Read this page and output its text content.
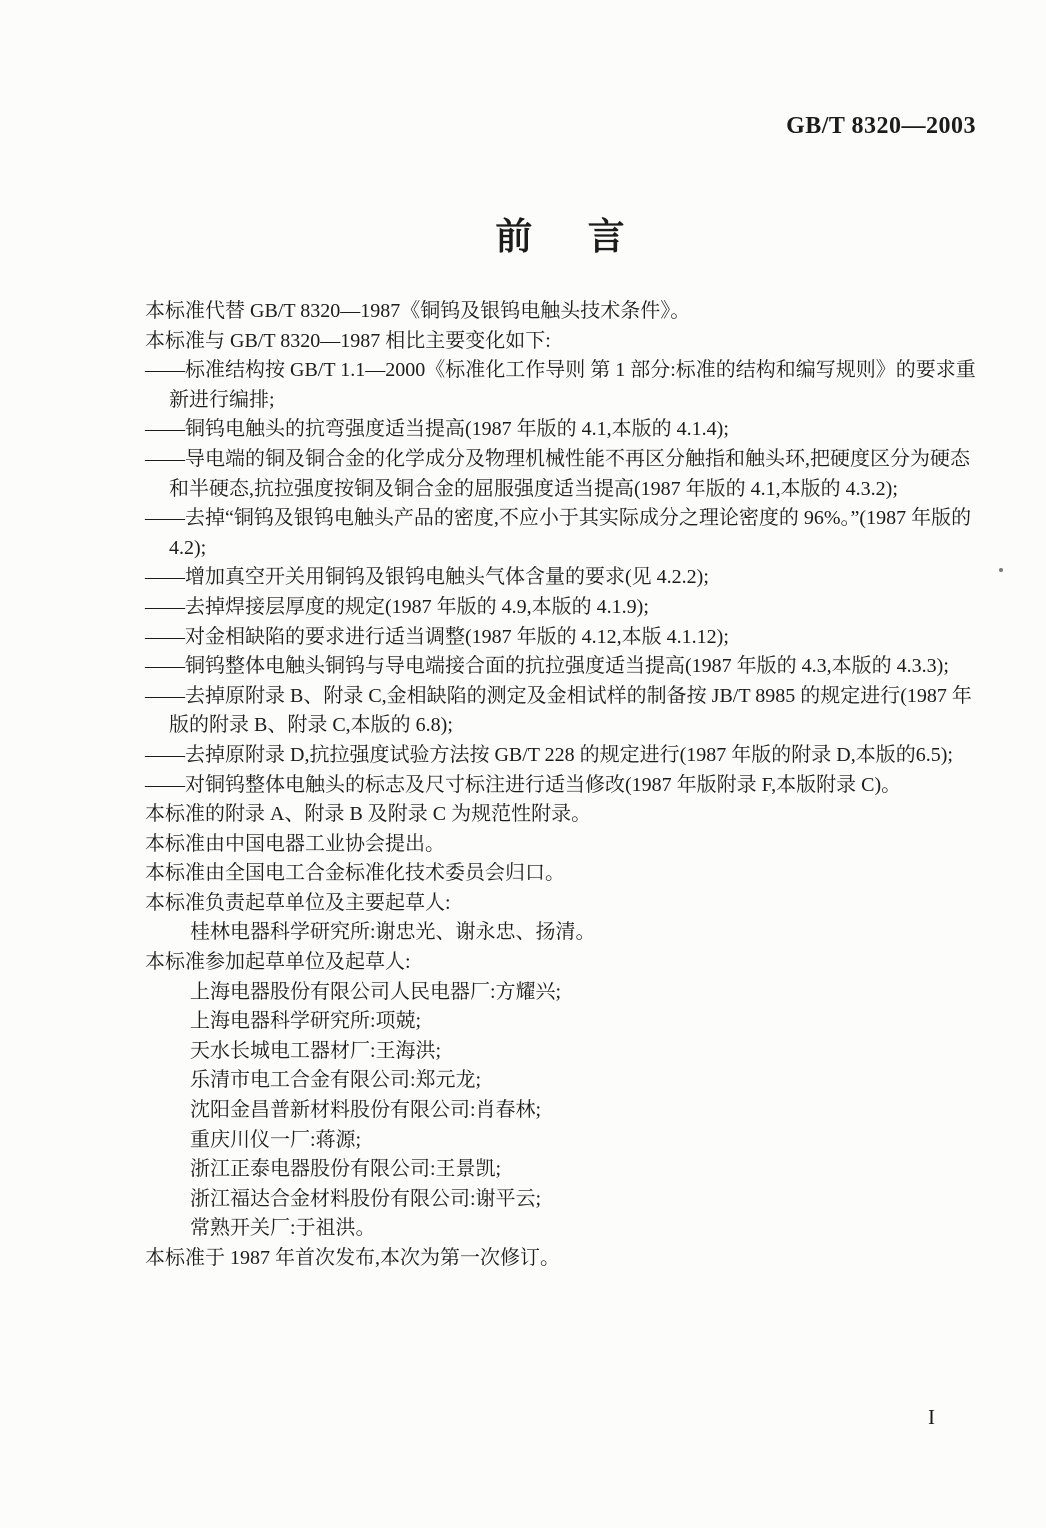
GB/T 8320—2003
前 言
本标准代替 GB/T 8320—1987《铜钨及银钨电触头技术条件》。
本标准与 GB/T 8320—1987 相比主要变化如下:
——标准结构按 GB/T 1.1—2000《标准化工作导则 第 1 部分:标准的结构和编写规则》的要求重
新进行编排;
——铜钨电触头的抗弯强度适当提高(1987 年版的 4.1,本版的 4.1.4);
——导电端的铜及铜合金的化学成分及物理机械性能不再区分触指和触头环,把硬度区分为硬态
和半硬态,抗拉强度按铜及铜合金的屈服强度适当提高(1987 年版的 4.1,本版的 4.3.2);
——去掉“铜钨及银钨电触头产品的密度,不应小于其实际成分之理论密度的 96%。”(1987 年版的
4.2);
——增加真空开关用铜钨及银钨电触头气体含量的要求(见 4.2.2);
——去掉焊接层厚度的规定(1987 年版的 4.9,本版的 4.1.9);
——对金相缺陷的要求进行适当调整(1987 年版的 4.12,本版 4.1.12);
——铜钨整体电触头铜钨与导电端接合面的抗拉强度适当提高(1987 年版的 4.3,本版的 4.3.3);
——去掉原附录 B、附录 C,金相缺陷的测定及金相试样的制备按 JB/T 8985 的规定进行(1987 年
版的附录 B、附录 C,本版的 6.8);
——去掉原附录 D,抗拉强度试验方法按 GB/T 228 的规定进行(1987 年版的附录 D,本版的6.5);
——对铜钨整体电触头的标志及尺寸标注进行适当修改(1987 年版附录 F,本版附录 C)。
本标准的附录 A、附录 B 及附录 C 为规范性附录。
本标准由中国电器工业协会提出。
本标准由全国电工合金标准化技术委员会归口。
本标准负责起草单位及主要起草人:
桂林电器科学研究所:谢忠光、谢永忠、扬清。
本标准参加起草单位及起草人:
上海电器股份有限公司人民电器厂:方耀兴;
上海电器科学研究所:项兢;
天水长城电工器材厂:王海洪;
乐清市电工合金有限公司:郑元龙;
沈阳金昌普新材料股份有限公司:肖春林;
重庆川仪一厂:蒋源;
浙江正泰电器股份有限公司:王景凯;
浙江福达合金材料股份有限公司:谢平云;
常熟开关厂:于祖洪。
本标准于 1987 年首次发布,本次为第一次修订。
I
